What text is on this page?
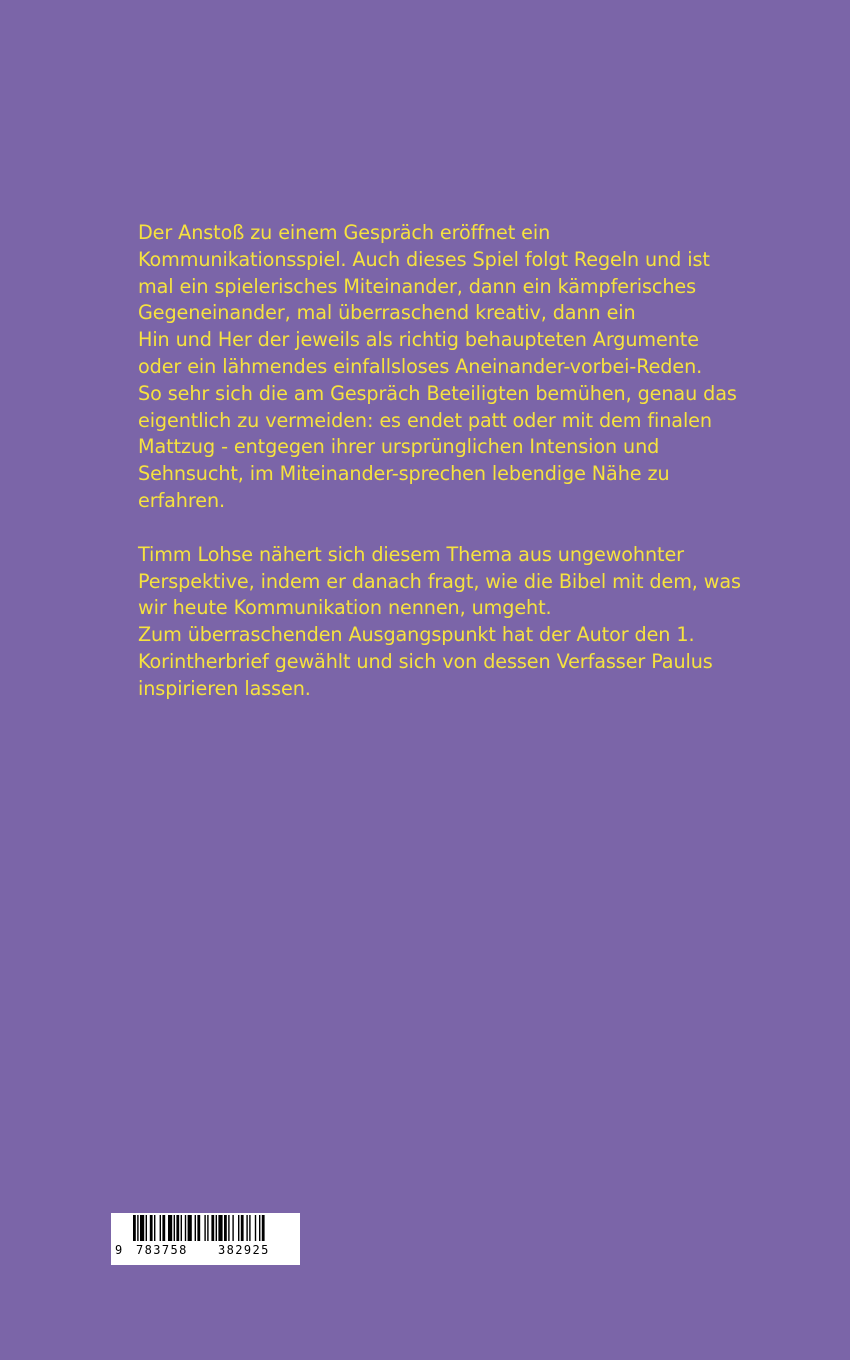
Der Anstoß zu einem Gespräch eröffnet ein
Kommunikationsspiel. Auch dieses Spiel folgt Regeln und ist
mal ein spielerisches Miteinander, dann ein kämpferisches
Gegeneinander, mal überraschend kreativ, dann ein
Hin und Her der jeweils als richtig behaupteten Argumente
oder ein lähmendes einfallsloses Aneinander-vorbei-Reden.
So sehr sich die am Gespräch Beteiligten bemühen, genau das
eigentlich zu vermeiden: es endet patt oder mit dem finalen
Mattzug - entgegen ihrer ursprünglichen Intension und
Sehnsucht, im Miteinander-sprechen lebendige Nähe zu
erfahren.

Timm Lohse nähert sich diesem Thema aus ungewohnter
Perspektive, indem er danach fragt, wie die Bibel mit dem, was
wir heute Kommunikation nennen, umgeht.
Zum überraschenden Ausgangspunkt hat der Autor den 1.
Korintherbrief gewählt und sich von dessen Verfasser Paulus
inspirieren lassen.

9 783758	382925
